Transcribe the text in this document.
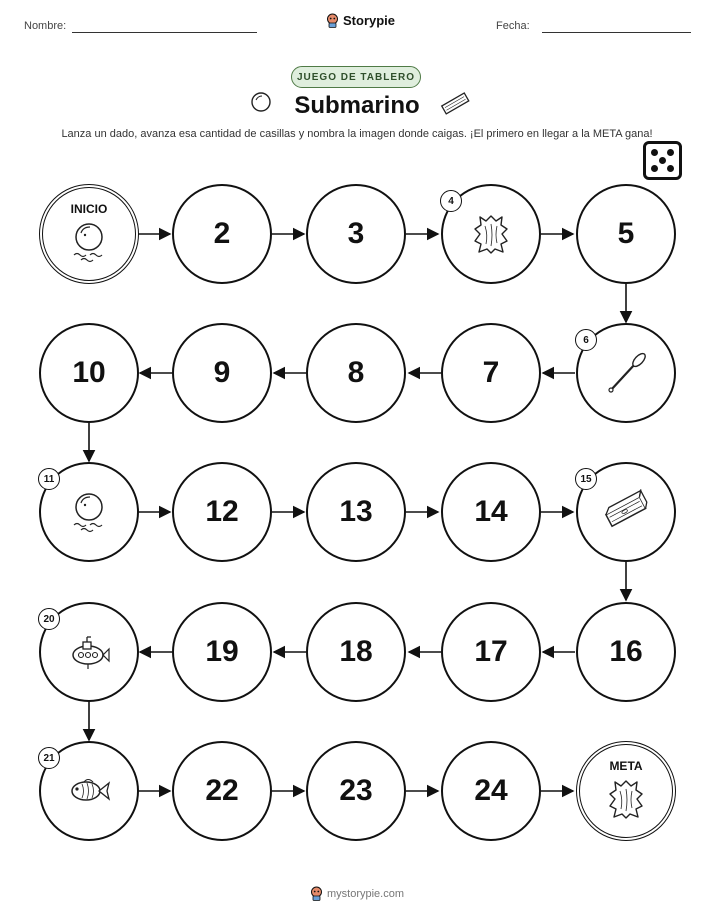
Nombre:	Storypie	Fecha:
JUEGO DE TABLERO
Submarino
Lanza un dado, avanza esa cantidad de casillas y nombra la imagen donde caigas. ¡El primero en llegar a la META gana!
INICIO
2	3
4
5
6
7
8
9
10
11
12	13	14
15
16
17
18
19
20
21
22	23	24
META
mystorypie.com
